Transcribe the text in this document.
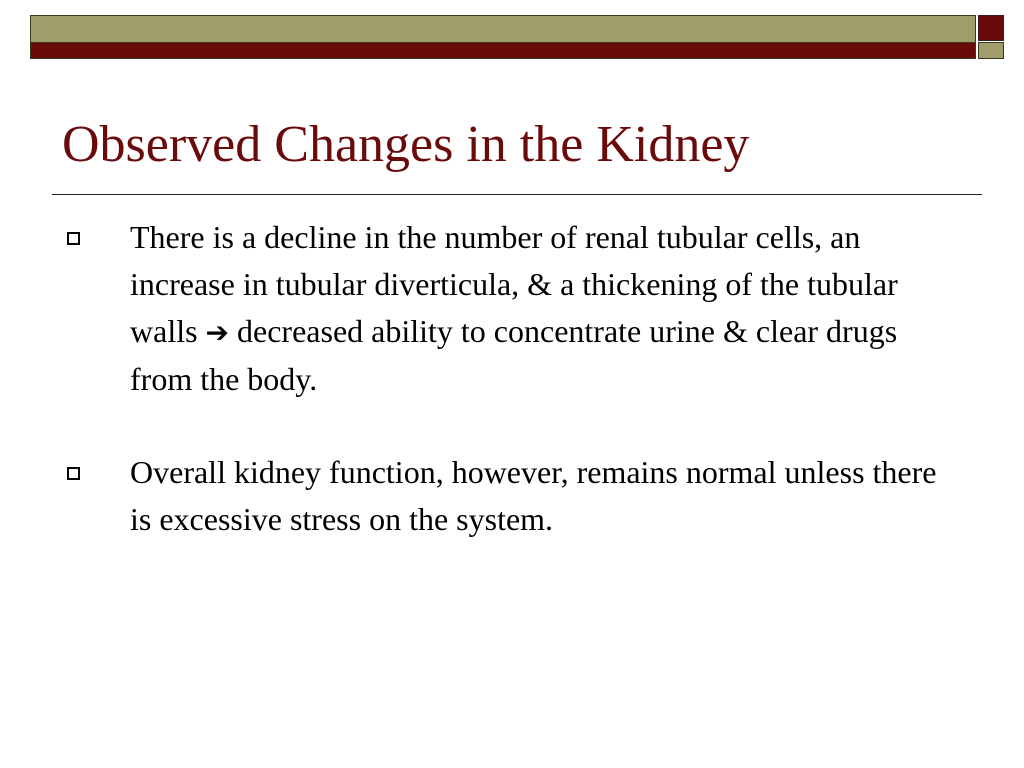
Observed Changes in the Kidney
There is a decline in the number of renal tubular cells, an increase in tubular diverticula, & a thickening of the tubular walls ➔ decreased ability to concentrate urine & clear drugs from the body.
Overall kidney function, however, remains normal unless there is excessive stress on the system.
